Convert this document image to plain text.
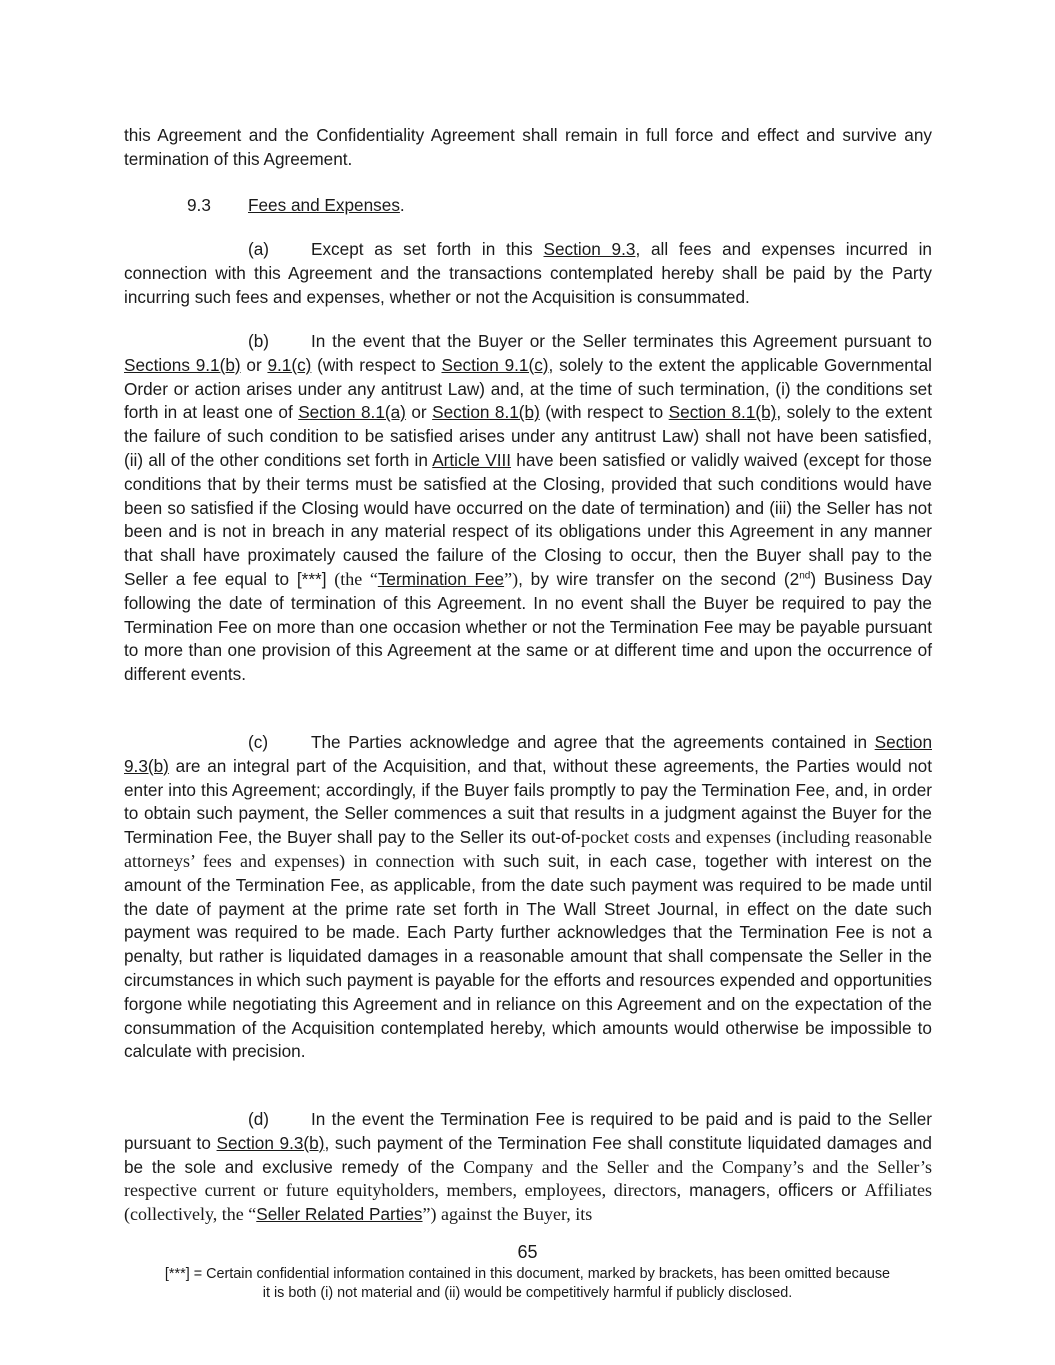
this Agreement and the Confidentiality Agreement shall remain in full force and effect and survive any termination of this Agreement.

9.3 Fees and Expenses.

(a) Except as set forth in this Section 9.3, all fees and expenses incurred in connection with this Agreement and the transactions contemplated hereby shall be paid by the Party incurring such fees and expenses, whether or not the Acquisition is consummated.

(b) In the event that the Buyer or the Seller terminates this Agreement pursuant to Sections 9.1(b) or 9.1(c) (with respect to Section 9.1(c), solely to the extent the applicable Governmental Order or action arises under any antitrust Law) and, at the time of such termination, (i) the conditions set forth in at least one of Section 8.1(a) or Section 8.1(b) (with respect to Section 8.1(b), solely to the extent the failure of such condition to be satisfied arises under any antitrust Law) shall not have been satisfied, (ii) all of the other conditions set forth in Article VIII have been satisfied or validly waived (except for those conditions that by their terms must be satisfied at the Closing, provided that such conditions would have been so satisfied if the Closing would have occurred on the date of termination) and (iii) the Seller has not been and is not in breach in any material respect of its obligations under this Agreement in any manner that shall have proximately caused the failure of the Closing to occur, then the Buyer shall pay to the Seller a fee equal to [***] (the “Termination Fee”), by wire transfer on the second (2nd) Business Day following the date of termination of this Agreement. In no event shall the Buyer be required to pay the Termination Fee on more than one occasion whether or not the Termination Fee may be payable pursuant to more than one provision of this Agreement at the same or at different time and upon the occurrence of different events.

(c) The Parties acknowledge and agree that the agreements contained in Section 9.3(b) are an integral part of the Acquisition, and that, without these agreements, the Parties would not enter into this Agreement; accordingly, if the Buyer fails promptly to pay the Termination Fee, and, in order to obtain such payment, the Seller commences a suit that results in a judgment against the Buyer for the Termination Fee, the Buyer shall pay to the Seller its out-of-pocket costs and expenses (including reasonable attorneys’ fees and expenses) in connection with such suit, in each case, together with interest on the amount of the Termination Fee, as applicable, from the date such payment was required to be made until the date of payment at the prime rate set forth in The Wall Street Journal, in effect on the date such payment was required to be made. Each Party further acknowledges that the Termination Fee is not a penalty, but rather is liquidated damages in a reasonable amount that shall compensate the Seller in the circumstances in which such payment is payable for the efforts and resources expended and opportunities forgone while negotiating this Agreement and in reliance on this Agreement and on the expectation of the consummation of the Acquisition contemplated hereby, which amounts would otherwise be impossible to calculate with precision.

(d) In the event the Termination Fee is required to be paid and is paid to the Seller pursuant to Section 9.3(b), such payment of the Termination Fee shall constitute liquidated damages and be the sole and exclusive remedy of the Company and the Seller and the Company’s and the Seller’s respective current or future equityholders, members, employees, directors, managers, officers or Affiliates (collectively, the “Seller Related Parties”) against the Buyer, its

65
[***] = Certain confidential information contained in this document, marked by brackets, has been omitted because
it is both (i) not material and (ii) would be competitively harmful if publicly disclosed.
